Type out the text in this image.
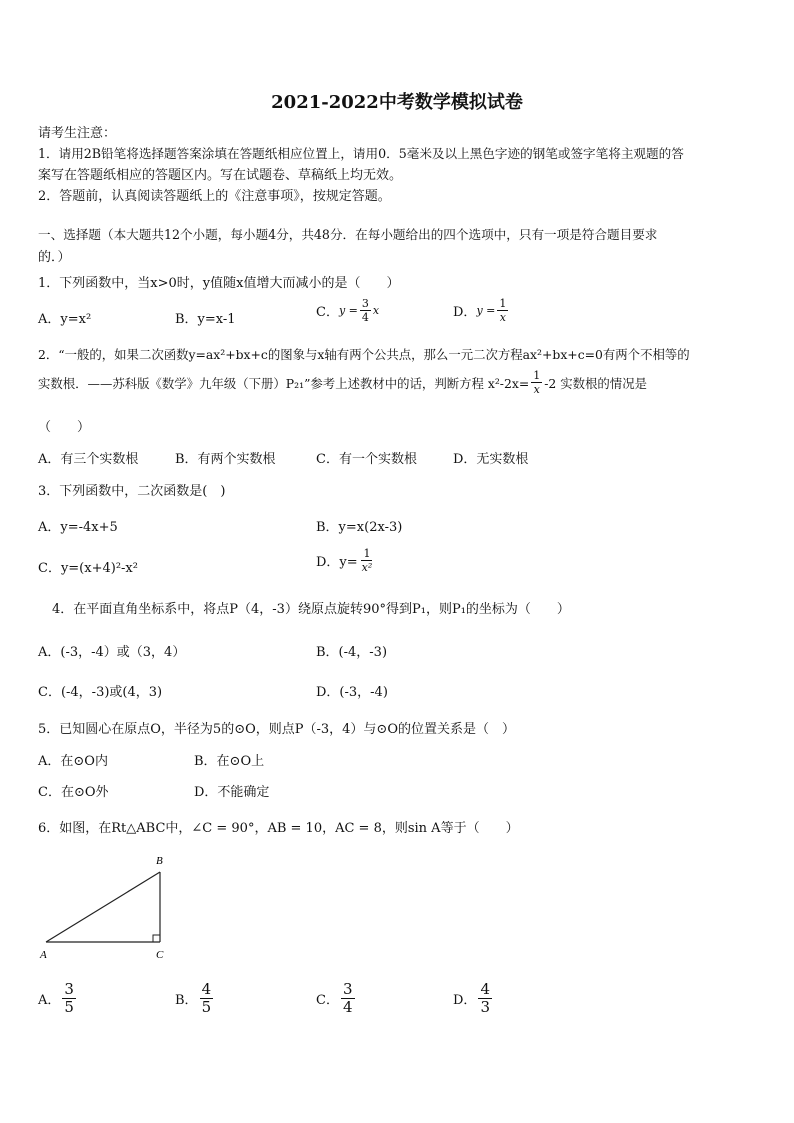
2021-2022中考数学模拟试卷
请考生注意：
1．请用2B铅笔将选择题答案涂填在答题纸相应位置上，请用0．5毫米及以上黑色字迹的钢笔或签字笔将主观题的答
案写在答题纸相应的答题区内。写在试题卷、草稿纸上均无效。
2．答题前，认真阅读答题纸上的《注意事项》，按规定答题。
一、选择题（本大题共12个小题，每小题4分，共48分．在每小题给出的四个选项中，只有一项是符合题目要求
的．）
1．下列函数中，当x>0时，y值随x值增大而减小的是（　　）
A．y=x²	B．y=x-1	C． $y = \frac{3}{4}$ x	D． $y = \frac{1}{x}$
2．“一般的，如果二次函数y=ax²+bx+c的图象与x轴有两个公共点，那么一元二次方程ax²+bx+c=0有两个不相等的
实数根．——苏科版《数学》九年级（下册）P₂₁”参考上述教材中的话，判断方程 $x^2-2x= \frac{1}{x} -2$ 实数根的情况是
（　　）
A．有三个实数根	B．有两个实数根	C．有一个实数根	D．无实数根
3．下列函数中，二次函数是(　)
A．y=-4x+5	B．y=x(2x-3)
C．y=(x+4)²-x²	D．$y= \frac{1}{\text{x²}}$
4．在平面直角坐标系中，将点P（4，-3）绕原点旋转90°得到P₁，则P₁的坐标为（　　）
A．(-3，-4）或（3，4）	B．(-4，-3)
C．(-4，-3)或(4，3)	D．(-3，-4)
5．已知圆心在原点O，半径为5的⊙O，则点P（-3，4）与⊙O的位置关系是（　）
A．在⊙O内	B．在⊙O上
C．在⊙O外	D．不能确定
6．如图，在Rt△ABC中，∠C = 90°，AB = 10，AC = 8，则sin A等于（　　）
A
B
C
A． $\frac{3}{5}$	B． $\frac{4}{5}$	C． $\frac{3}{4}$	D． $\frac{4}{3}$
